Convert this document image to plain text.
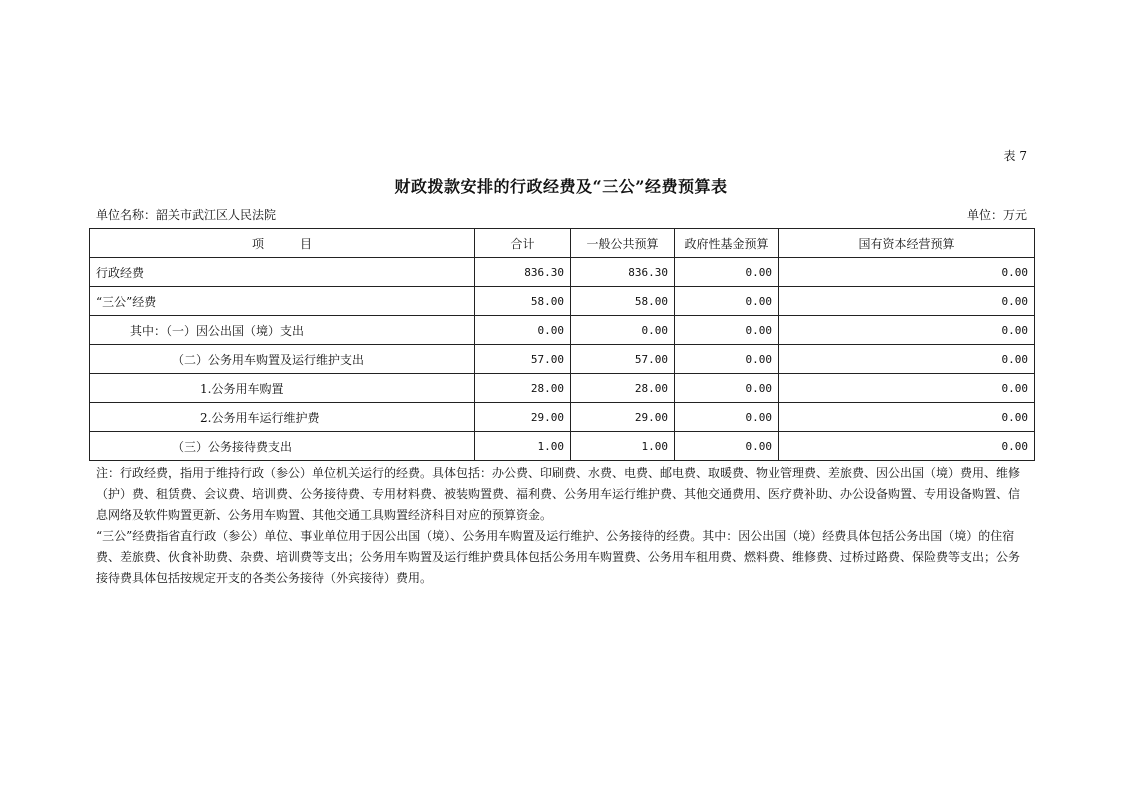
表 7
财政拨款安排的行政经费及“三公”经费预算表
单位名称：韶关市武江区人民法院	单位：万元
项　　　目	合计	一般公共预算	政府性基金预算	国有资本经营预算
行政经费	836.30	836.30	0.00	0.00
“三公”经费	58.00	58.00	0.00	0.00
其中：（一）因公出国（境）支出	0.00	0.00	0.00	0.00
（二）公务用车购置及运行维护支出	57.00	57.00	0.00	0.00
1.公务用车购置	28.00	28.00	0.00	0.00
2.公务用车运行维护费	29.00	29.00	0.00	0.00
（三）公务接待费支出	1.00	1.00	0.00	0.00

注：行政经费，指用于维持行政（参公）单位机关运行的经费。具体包括：办公费、印刷费、水费、电费、邮电费、取暖费、物业管理费、差旅费、因公出国（境）费用、维修（护）费、租赁费、会议费、培训费、公务接待费、专用材料费、被装购置费、福利费、公务用车运行维护费、其他交通费用、医疗费补助、办公设备购置、专用设备购置、信息网络及软件购置更新、公务用车购置、其他交通工具购置经济科目对应的预算资金。

“三公”经费指省直行政（参公）单位、事业单位用于因公出国（境）、公务用车购置及运行维护、公务接待的经费。其中：因公出国（境）经费具体包括公务出国（境）的住宿费、差旅费、伙食补助费、杂费、培训费等支出；公务用车购置及运行维护费具体包括公务用车购置费、公务用车租用费、燃料费、维修费、过桥过路费、保险费等支出；公务接待费具体包括按规定开支的各类公务接待（外宾接待）费用。
